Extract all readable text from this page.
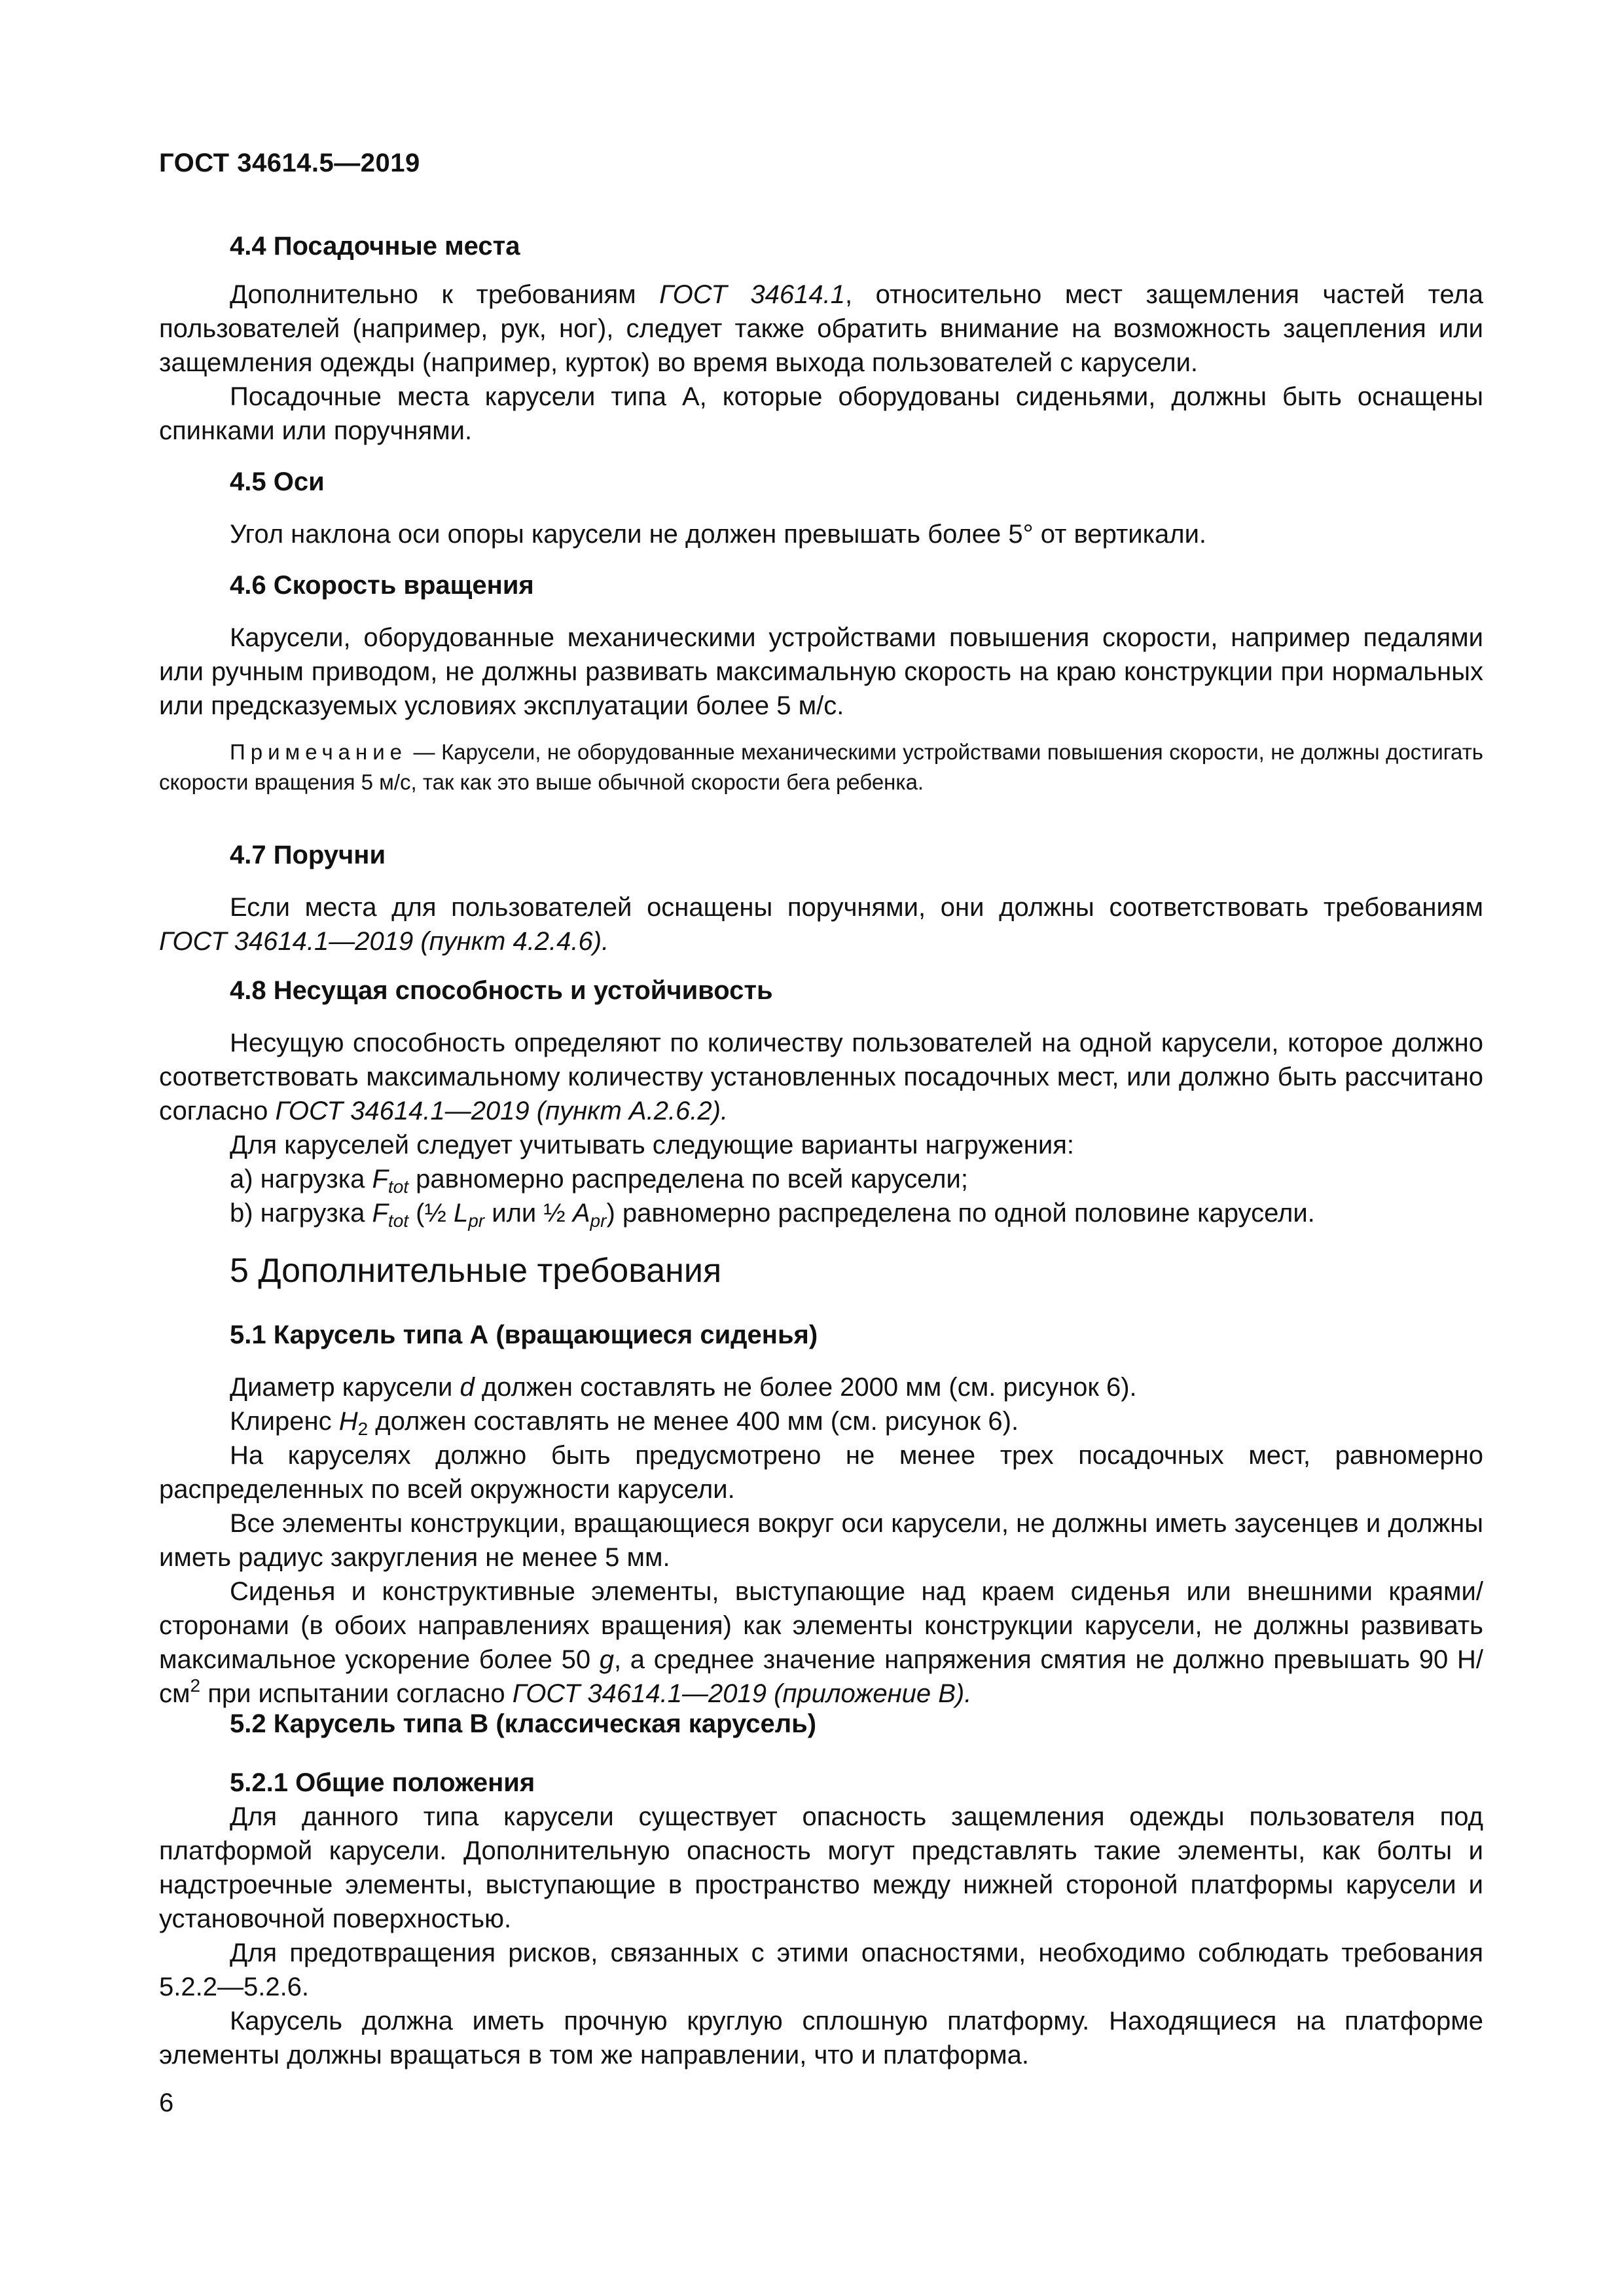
ГОСТ 34614.5—2019
4.4 Посадочные места

Дополнительно к требованиям ГОСТ 34614.1, относительно мест защемления частей тела пользователей (например, рук, ног), следует также обратить внимание на возможность зацепления или защемления одежды (например, курток) во время выхода пользователей с карусели.

Посадочные места карусели типа А, которые оборудованы сиденьями, должны быть оснащены спинками или поручнями.

4.5 Оси

Угол наклона оси опоры карусели не должен превышать более 5° от вертикали.

4.6 Скорость вращения

Карусели, оборудованные механическими устройствами повышения скорости, например педалями или ручным приводом, не должны развивать максимальную скорость на краю конструкции при нормальных или предсказуемых условиях эксплуатации более 5 м/с.

Примечание — Карусели, не оборудованные механическими устройствами повышения скорости, не должны достигать скорости вращения 5 м/с, так как это выше обычной скорости бега ребенка.
4.7 Поручни

Если места для пользователей оснащены поручнями, они должны соответствовать требованиям ГОСТ 34614.1—2019 (пункт 4.2.4.6).

4.8 Несущая способность и устойчивость

Несущую способность определяют по количеству пользователей на одной карусели, которое должно соответствовать максимальному количеству установленных посадочных мест, или должно быть рассчитано согласно ГОСТ 34614.1—2019 (пункт А.2.6.2).

Для каруселей следует учитывать следующие варианты нагружения:

a) нагрузка $F_{tot}$ равномерно распределена по всей карусели;

b) нагрузка $F_{tot}$ (½ $L_{pr}$ или ½ $A_{pr}$) равномерно распределена по одной половине карусели.

5 Дополнительные требования
5.1 Карусель типа А (вращающиеся сиденья)

Диаметр карусели d должен составлять не более 2000 мм (см. рисунок 6).

Клиренс $H_2$ должен составлять не менее 400 мм (см. рисунок 6).

На каруселях должно быть предусмотрено не менее трех посадочных мест, равномерно распределенных по всей окружности карусели.

Все элементы конструкции, вращающиеся вокруг оси карусели, не должны иметь заусенцев и должны иметь радиус закругления не менее 5 мм.

Сиденья и конструктивные элементы, выступающие над краем сиденья или внешними краями/ сторонами (в обоих направлениях вращения) как элементы конструкции карусели, не должны развивать максимальное ускорение более 50 g, а среднее значение напряжения смятия не должно превышать 90 $Н/см^2$ при испытании согласно ГОСТ 34614.1—2019 (приложение В).

5.2 Карусель типа В (классическая карусель)
5.2.1 Общие положения

Для данного типа карусели существует опасность защемления одежды пользователя под платформой карусели. Дополнительную опасность могут представлять такие элементы, как болты и надстроечные элементы, выступающие в пространство между нижней стороной платформы карусели и установочной поверхностью.

Для предотвращения рисков, связанных с этими опасностями, необходимо соблюдать требования 5.2.2—5.2.6.

Карусель должна иметь прочную круглую сплошную платформу. Находящиеся на платформе элементы должны вращаться в том же направлении, что и платформа.

6
